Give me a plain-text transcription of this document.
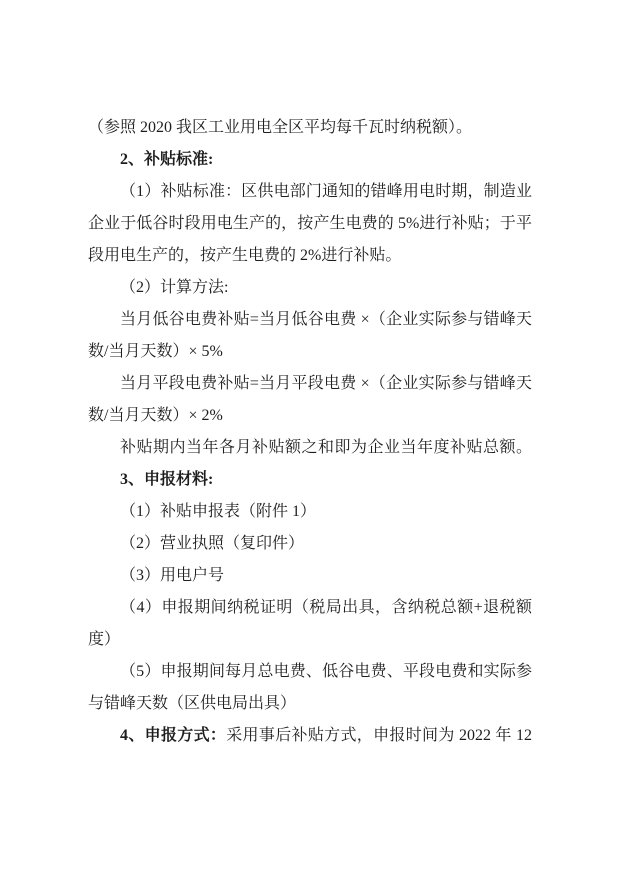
（参照 2020 我区工业用电全区平均每千瓦时纳税额）。
2、补贴标准:
（1）补贴标准：区供电部门通知的错峰用电时期，制造业
企业于低谷时段用电生产的，按产生电费的 5%进行补贴；于平
段用电生产的，按产生电费的 2%进行补贴。
（2）计算方法:
当月低谷电费补贴=当月低谷电费 ×（企业实际参与错峰天
数/当月天数）× 5%
当月平段电费补贴=当月平段电费 ×（企业实际参与错峰天
数/当月天数）× 2%
补贴期内当年各月补贴额之和即为企业当年度补贴总额。
3、申报材料:
（1）补贴申报表（附件 1）
（2）营业执照（复印件）
（3）用电户号
（4）申报期间纳税证明（税局出具，含纳税总额+退税额
度）
（5）申报期间每月总电费、低谷电费、平段电费和实际参
与错峰天数（区供电局出具）
4、申报方式：采用事后补贴方式，申报时间为 2022 年 12
